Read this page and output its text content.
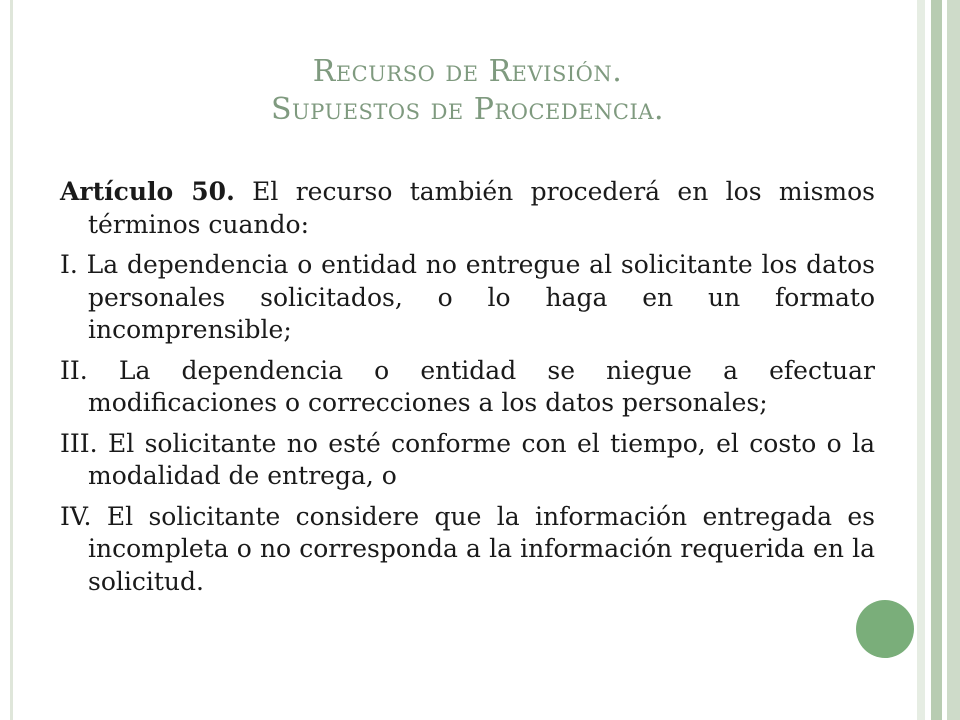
Recurso de Revisión.
Supuestos de Procedencia.

Artículo 50. El recurso también procederá en los mismos términos cuando:

I. La dependencia o entidad no entregue al solicitante los datos personales solicitados, o lo haga en un formato incomprensible;

II. La dependencia o entidad se niegue a efectuar modificaciones o correcciones a los datos personales;

III. El solicitante no esté conforme con el tiempo, el costo o la modalidad de entrega, o

IV. El solicitante considere que la información entregada es incompleta o no corresponda a la información requerida en la solicitud.
